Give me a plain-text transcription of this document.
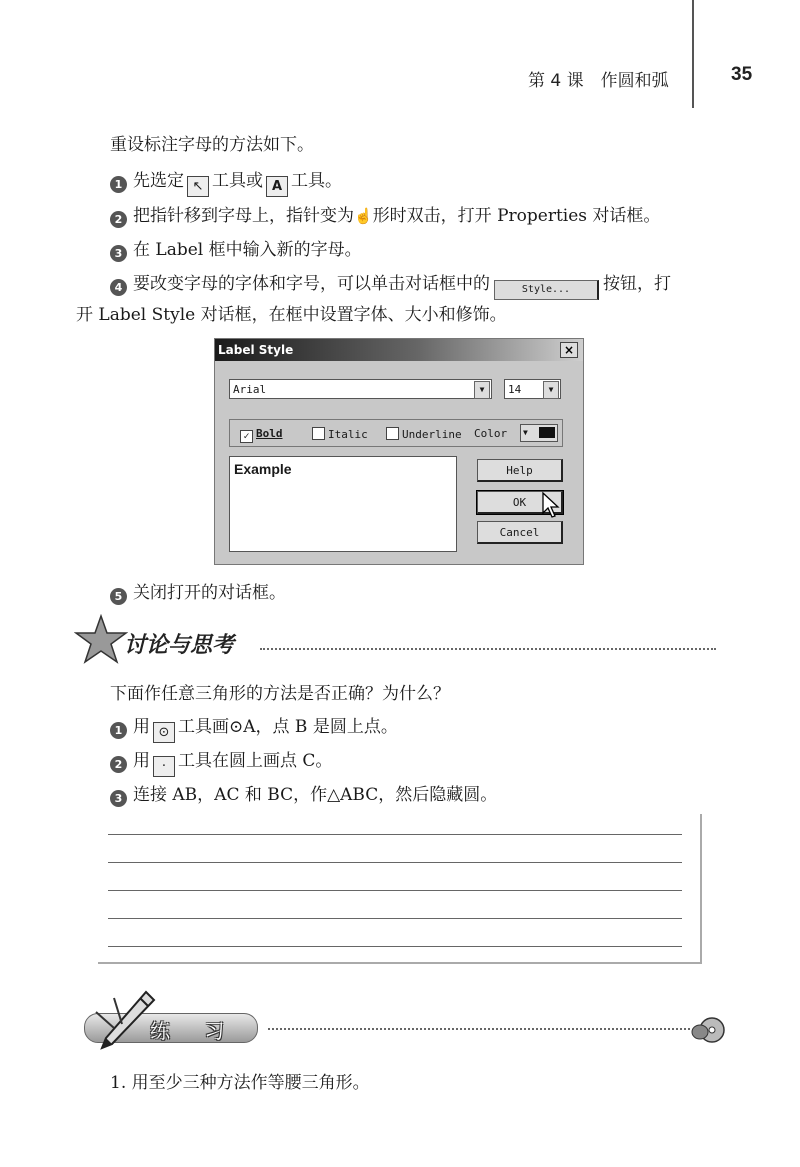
第 4 课　作圆和弧	35
重设标注字母的方法如下。
1 先选定 ↖ 工具或 A 工具。
2 把指针移到字母上，指针变为☝形时双击，打开 Properties 对话框。
3 在 Label 框中输入新的字母。
4 要改变字母的字体和字号，可以单击对话框中的	Style... 按钮，打
开 Label Style 对话框，在框中设置字体、大小和修饰。
Label Style	×
Arial	▼	14	▼
✓ Bold	Italic	Underline Color ▼
Example	Help
OK
Cancel
5 关闭打开的对话框。
讨论与思考
下面作任意三角形的方法是否正确？为什么？
1 用 ⊙ 工具画⊙A，点 B 是圆上点。
2 用 · 工具在圆上画点 C。
3 连接 AB，AC 和 BC，作△ABC，然后隐藏圆。
练 习
1. 用至少三种方法作等腰三角形。
